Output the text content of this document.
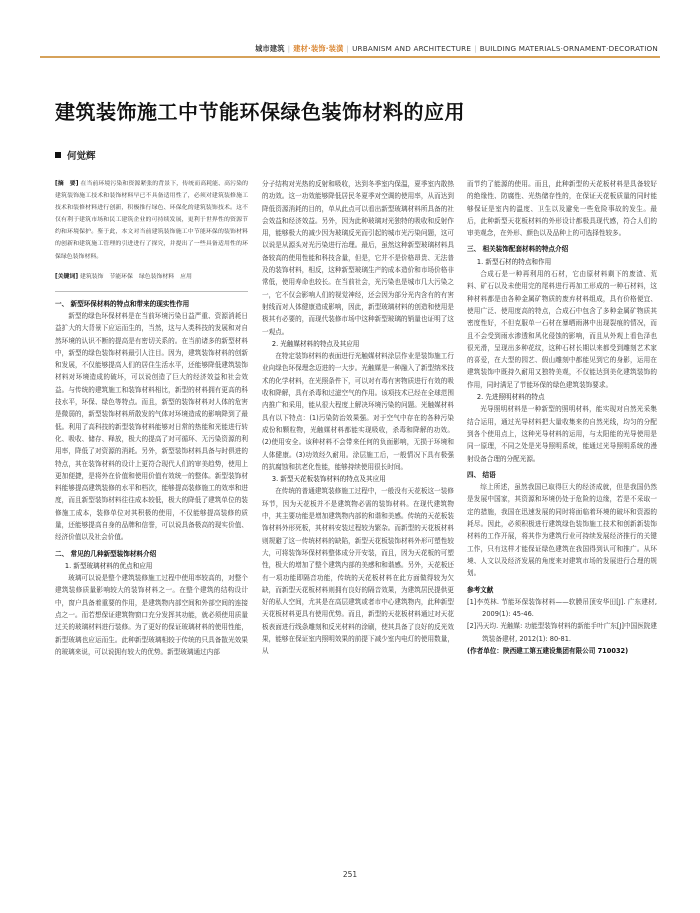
城市建筑 | 建材·装饰·装潢 | URBANISM AND ARCHITECTURE | BUILDING MATERIALS·ORNAMENT·DECORATION
建筑装饰施工中节能环保绿色装饰材料的应用
何觉辉
[摘　要] 在当前环境污染和资源紧张的背景下，传统而高耗能、高污染的建筑装饰施工技术和装饰材料早已不具备适用性了，必须对建筑装修施工技术和装修材料进行创新，积极推行绿色、环保化的建筑装饰技术。这不仅有利于建筑市场和民工建筑企业的可持续发展，更利于世界性的资源节约和环境保护。鉴于此，本文对当前建筑装饰施工中节能环保的装饰材料的创新和建筑施工管理的引进进行了探究，并提出了一些具备适用性的环保绿色装饰材料。
[关键词] 建筑装饰　节能环保　绿色装饰材料　应用
一、 新型环保材料的特点和带来的现实性作用

新型的绿色环保材料是在当前环境污染日益严重、资源消耗日益扩大的大背景下应运而生的，当然，这与人类科技的发展和对自然环境的认识不断的提高是有密切关系的。在当前诸多的新型材料中，新型的绿色装饰材料最引人注目。因为，建筑装饰材料的创新和发展，不仅能够提高人们的居住生活水平，还能够降低建筑装饰材料对环境造成的破坏，可以说创造了巨大的经济效益和社会效益。与传统的建筑施工和装饰材料相比，新型的材料拥有更高的科技水平，环保、绿色等特点。而且，新型的装饰材料对人体的危害是微弱的，新型装饰材料所散发的气体对环境造成的影响降到了最低。利用了高科技的新型装饰材料能够对日常的热能和光能进行转化、吸收、储存、释放，极大的提高了对可循环、无污染资源的利用率，降低了对资源的消耗。另外，新型装饰材料具备与时俱进的特点，其在装饰材料的设计上更符合现代人们的审美趋势，使用上更加便捷，是将外在价值和使用价值有效统一的整体。新型装饰材料能够提高建筑装修的水平和档次，能够提高装修施工的效率和进度，而且新型装饰材料往往成本较低，极大的降低了建筑单位的装修施工成本，装修单位对其积极的使用，不仅能够提高装修的质量，还能够提高自身的品牌和信誉，可以说具备极高的现实价值、经济价值以及社会价值。

二、 常见的几种新型装饰材料介绍
1. 新型玻璃材料的优点和应用

玻璃可以说是整个建筑装修施工过程中使用率较高的，对整个建筑装修质量影响较大的装饰材料之一。在整个建筑的结构设计中，窗户具备着重要的作用，是建筑物内部空间和外部空间的连接点之一。而若想保证建筑物窗口充分发挥其功能，就必须使用质量过关的玻璃材料进行装修。为了更好的保证玻璃材料的使用性能，新型玻璃也应运而生。此种新型玻璃相较于传统的只具备散光效果的玻璃来说，可以说拥有较大的优势。新型玻璃通过内部

分子结构对光热的反射和吸收，达到冬季室内保温，夏季室内散热的功效。这一功效能够降低居民冬夏季对空调的使用率，从而达到降低资源消耗的目的，单从此点可以看出新型玻璃材料所具备的社会效益和经济效益。另外，因为此种玻璃对光独特的吸收和反射作用，能够极大的减少因为玻璃反光而引起的城市光污染问题，这可以说是从源头对光污染进行治理。最后，虽然这种新型玻璃材料具备较高的使用性能和科技含量，但是，它并不是价格昂贵、无法普及的装饰材料，相反，这种新型玻璃生产的成本造价和市场价格非常低，使用寿命也较长。在当前社会，光污染也是城市几大污染之一，它不仅会影响人们的视觉神经，还会因为部分光内含有的有害射线而对人体健康造成影响，因此，新型玻璃材料的创造和使用是极其有必要的，而现代装修市场中这种新型玻璃的销量也证明了这一观点。

2. 光触媒材料的特点及其应用

在特定装饰材料的表面进行光触媒材料涂层作业是装饰施工行业向绿色环保理念迈进的一大步。光触媒是一种融入了新型纳米技术的化学材料，在光照条件下，可以对有毒有害物质进行有效的吸收和降解，具有杀毒和过滤空气的作用。该项技术已经在全球范围内推广和采用，能从很大程度上解决环境污染的问题。光触媒材料具有以下特点：(1)污染防治效果强。对于空气中存在的各种污染成份和颗粒物，光触媒材料都能实现吸收，杀毒和降解的功效。(2)使用安全。该种材料不会带来任何的负面影响，无损于环境和人体健康。(3)功效经久耐用。涂层施工后，一般情况下具有极强的抗腐蚀和抗老化性能，能够持续使用很长时间。

3. 新型天花板装饰材料的特点及其应用

在传统的普通建筑装修施工过程中，一般没有天花板这一装修环节，因为天花板并不是建筑物必需的装饰材料。在现代建筑物中，其主要功能是增加建筑物内部的和谐和美感。传统的天花板装饰材料外形死板，其材料安装过程较为繁杂。而新型的天花板材料则规避了这一传统材料的缺陷，新型天花板装饰材料外形可塑性较大，可将装饰环保材料整体成分开安装，而且，因为天花板的可塑性，极大的增加了整个建筑内部的美感和和谐感。另外，天花板还有一项功能即隔音功能，传统的天花板材料在此方面做得较为欠缺，而新型天花板材料则拥有良好的隔音效果，为建筑居民提供更好的私人空间，尤其是在高层建筑或者市中心建筑物内，此种新型天花板材料更具有使用优势。而且，新型的天花板材料通过对天花板表面进行线条雕刻和反光材料的涂刷，使其具备了良好的反光效果，能够在保证室内照明效果的前提下减少室内电灯的使用数量，从

而节约了能源的使用。而且，此种新型的天花板材料是具备较好的绝缘性、防腐性、光热储存性的，在保证天花板质量的同时能够保证是室内的温度、卫生以及避免一些危险事故的发生。最后，此种新型天花板材料的外形设计都极具现代感，符合人们的审美观念，在外形、颜色以及品种上的可选择性较多。

三、 相关装饰配套材料的特点介绍
1. 新型石材的特点和作用

合成石是一种再利用的石材，它由原材料剩下的废渣、荒料、矿石以及未使用完的尾料进行再加工形成的一种石材料，这种材料都是由各种金属矿物质的废弃材料组成，具有价格便宜、使用广泛、使用度高的特点，合成石中包含了多种金属矿物质其密度性好，不但克服单一石材在暴晒雨淋中出现裂痕的情况，而且不会受到雨水渗透和风化侵蚀的影响，而且从外观上看色泽也很光滑，呈现出多种花纹，这种石材长期以来都受到雕刻艺术家的喜爱，在大型的园艺、假山雕刻中都能见到它的身影，运用在建筑装饰中既持久耐用又独特美观，不仅能达到美化建筑装饰的作用，同时满足了节能环保的绿色建筑装饰要求。

2. 先进照明材料的特点

光导照明材料是一种新型的照明材料，能实现对自然光采集结合运用，通过光导材料把大量收集来的自然光线，均匀的分配到各个使用点上，这种光导材料的运用，与太阳能的光导使用是同一原理，不同之处是光导照明系统，能通过光导照明系统的漫射设备合理的分配光源。

四、 结语

综上所述，虽然我国已取得巨大的经济成就，但是我国仍然是发展中国家，其资源和环境仍处于危险的边缘，若是不采取一定的措施，我国在迅速发展的同时将面临着环境的破坏和资源的耗尽。因此，必须积极进行建筑绿色装饰施工技术和创新新装饰材料的工作开展，将其作为建筑行业可持续发展经济推行的关键工作，只有这样才能保证绿色建筑在我国得到认可和推广。从环境、人文以及经济发展的角度来对建筑市场的发展进行合理的规划。

参考文献

[1]李英林. 节能环保装饰材料——软膜吊顶安华田[J]. 广东建材, 2009(1): 45-46.

[2]冯天均. 光触媒: 功能型装饰材料的新能手叶广东[J]中国医院建筑装备建材, 2012(1): 80-81.

(作者单位：陕西建工第五建设集团有限公司 710032)

251
